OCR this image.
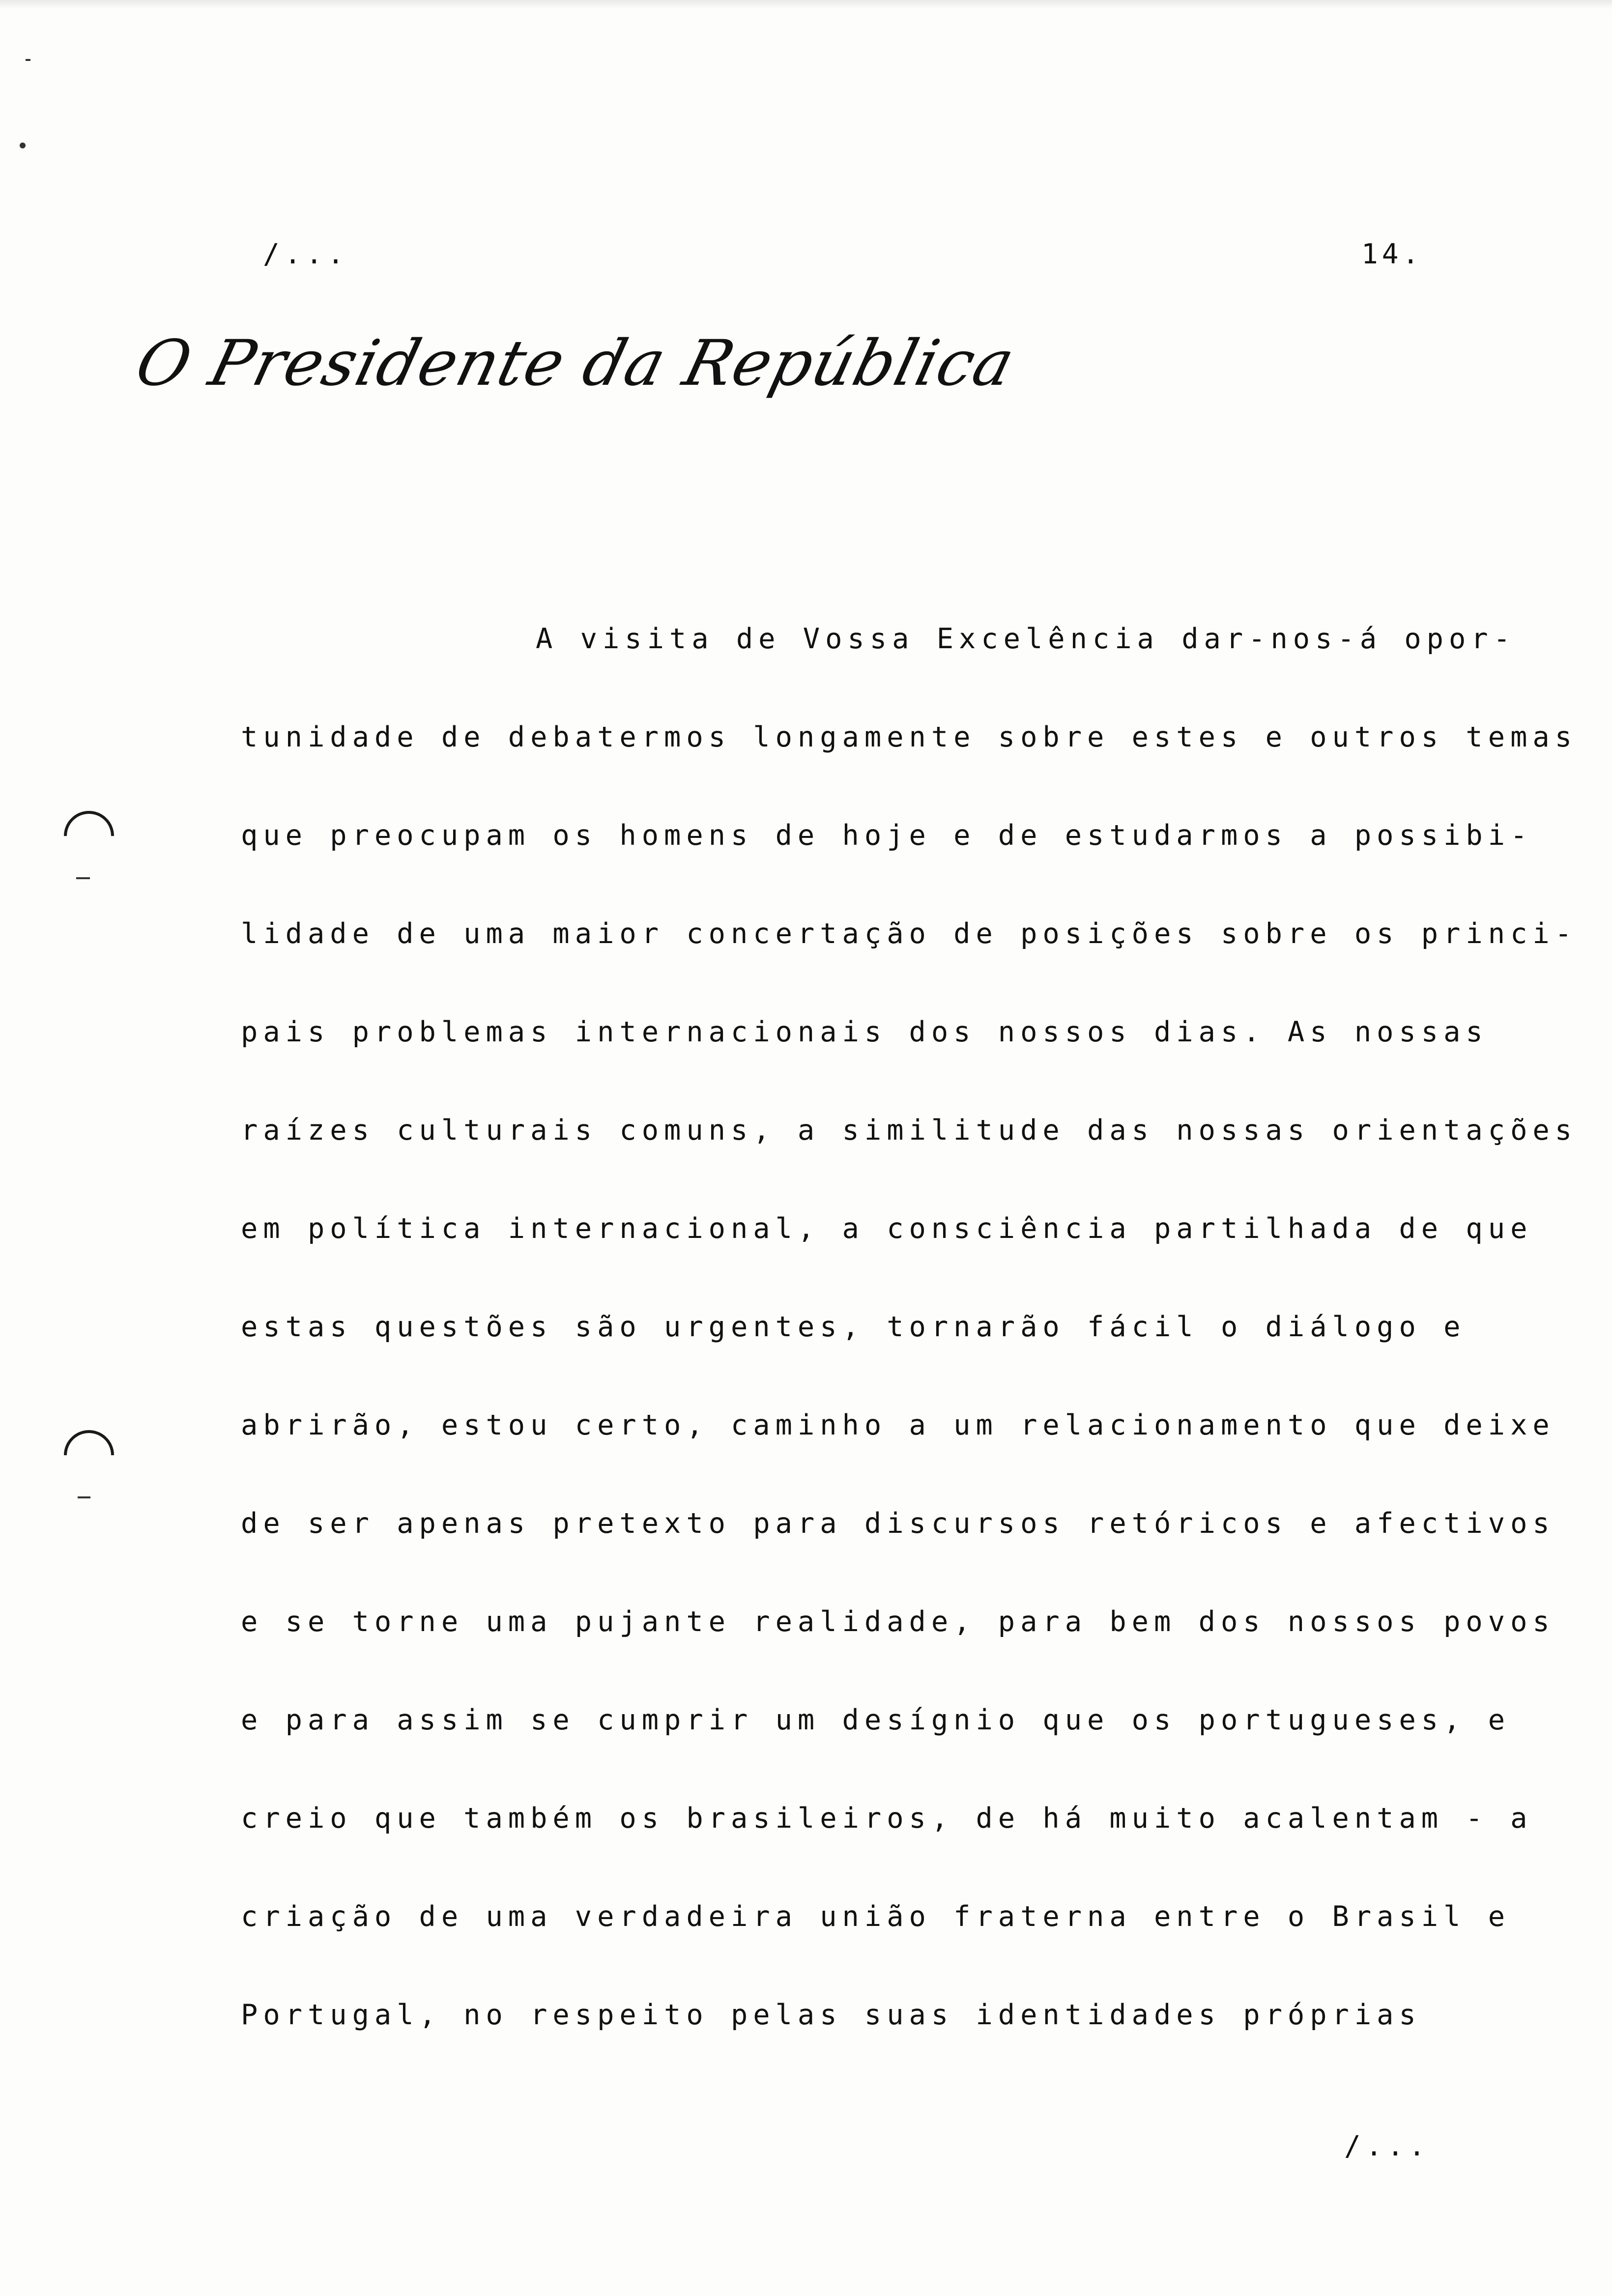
/...	14.
O Presidente da República
A visita de Vossa Excelência dar-nos-á opor-
tunidade de debatermos longamente sobre estes e outros temas
que preocupam os homens de hoje e de estudarmos a possibi-
lidade de uma maior concertação de posições sobre os princi-
pais problemas internacionais dos nossos dias. As nossas
raízes culturais comuns, a similitude das nossas orientações
em política internacional, a consciência partilhada de que
estas questões são urgentes, tornarão fácil o diálogo e
abrirão, estou certo, caminho a um relacionamento que deixe
de ser apenas pretexto para discursos retóricos e afectivos
e se torne uma pujante realidade, para bem dos nossos povos
e para assim se cumprir um desígnio que os portugueses, e
creio que também os brasileiros, de há muito acalentam - a
criação de uma verdadeira união fraterna entre o Brasil e
Portugal, no respeito pelas suas identidades próprias
/...
